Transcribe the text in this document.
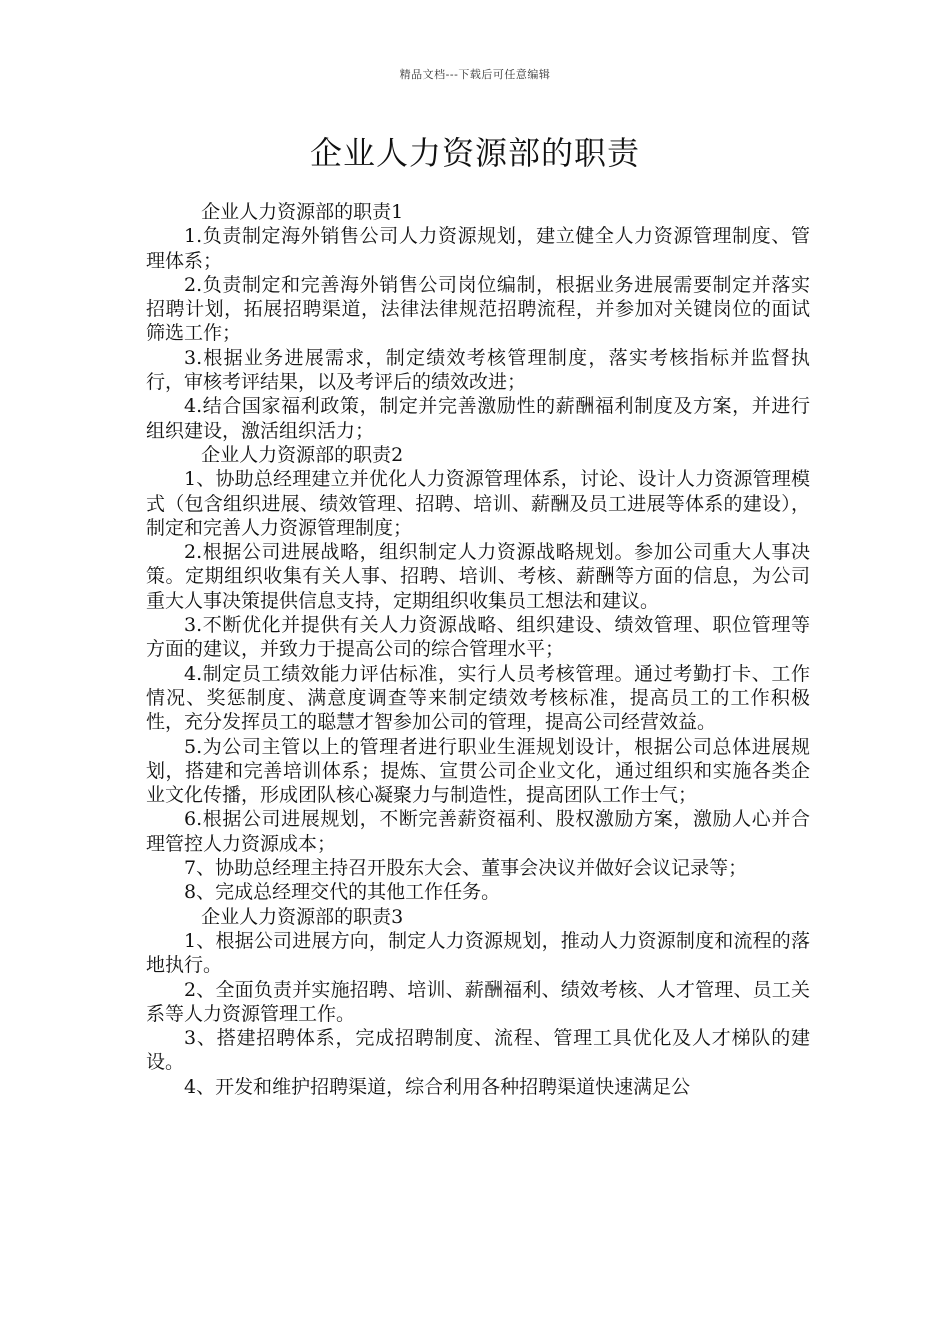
精品文档---下载后可任意编辑
企业人力资源部的职责

企业人力资源部的职责1

1.负责制定海外销售公司人力资源规划，建立健全人力资源管理制度、管理体系；

2.负责制定和完善海外销售公司岗位编制，根据业务进展需要制定并落实招聘计划，拓展招聘渠道，法律法律规范招聘流程，并参加对关键岗位的面试筛选工作；

3.根据业务进展需求，制定绩效考核管理制度，落实考核指标并监督执行，审核考评结果，以及考评后的绩效改进；

4.结合国家福利政策，制定并完善激励性的薪酬福利制度及方案，并进行组织建设，激活组织活力；

企业人力资源部的职责2

1、协助总经理建立并优化人力资源管理体系，讨论、设计人力资源管理模式（包含组织进展、绩效管理、招聘、培训、薪酬及员工进展等体系的建设），制定和完善人力资源管理制度；

2.根据公司进展战略，组织制定人力资源战略规划。参加公司重大人事决策。定期组织收集有关人事、招聘、培训、考核、薪酬等方面的信息，为公司重大人事决策提供信息支持，定期组织收集员工想法和建议。

3.不断优化并提供有关人力资源战略、组织建设、绩效管理、职位管理等方面的建议，并致力于提高公司的综合管理水平；

4.制定员工绩效能力评估标准，实行人员考核管理。通过考勤打卡、工作情况、奖惩制度、满意度调查等来制定绩效考核标准，提高员工的工作积极性，充分发挥员工的聪慧才智参加公司的管理，提高公司经营效益。

5.为公司主管以上的管理者进行职业生涯规划设计，根据公司总体进展规划，搭建和完善培训体系；提炼、宣贯公司企业文化，通过组织和实施各类企业文化传播，形成团队核心凝聚力与制造性，提高团队工作士气；

6.根据公司进展规划，不断完善薪资福利、股权激励方案，激励人心并合理管控人力资源成本；

7、协助总经理主持召开股东大会、董事会决议并做好会议记录等；

8、完成总经理交代的其他工作任务。

企业人力资源部的职责3

1、根据公司进展方向，制定人力资源规划，推动人力资源制度和流程的落地执行。

2、全面负责并实施招聘、培训、薪酬福利、绩效考核、人才管理、员工关系等人力资源管理工作。

3、搭建招聘体系，完成招聘制度、流程、管理工具优化及人才梯队的建设。

4、开发和维护招聘渠道，综合利用各种招聘渠道快速满足公
